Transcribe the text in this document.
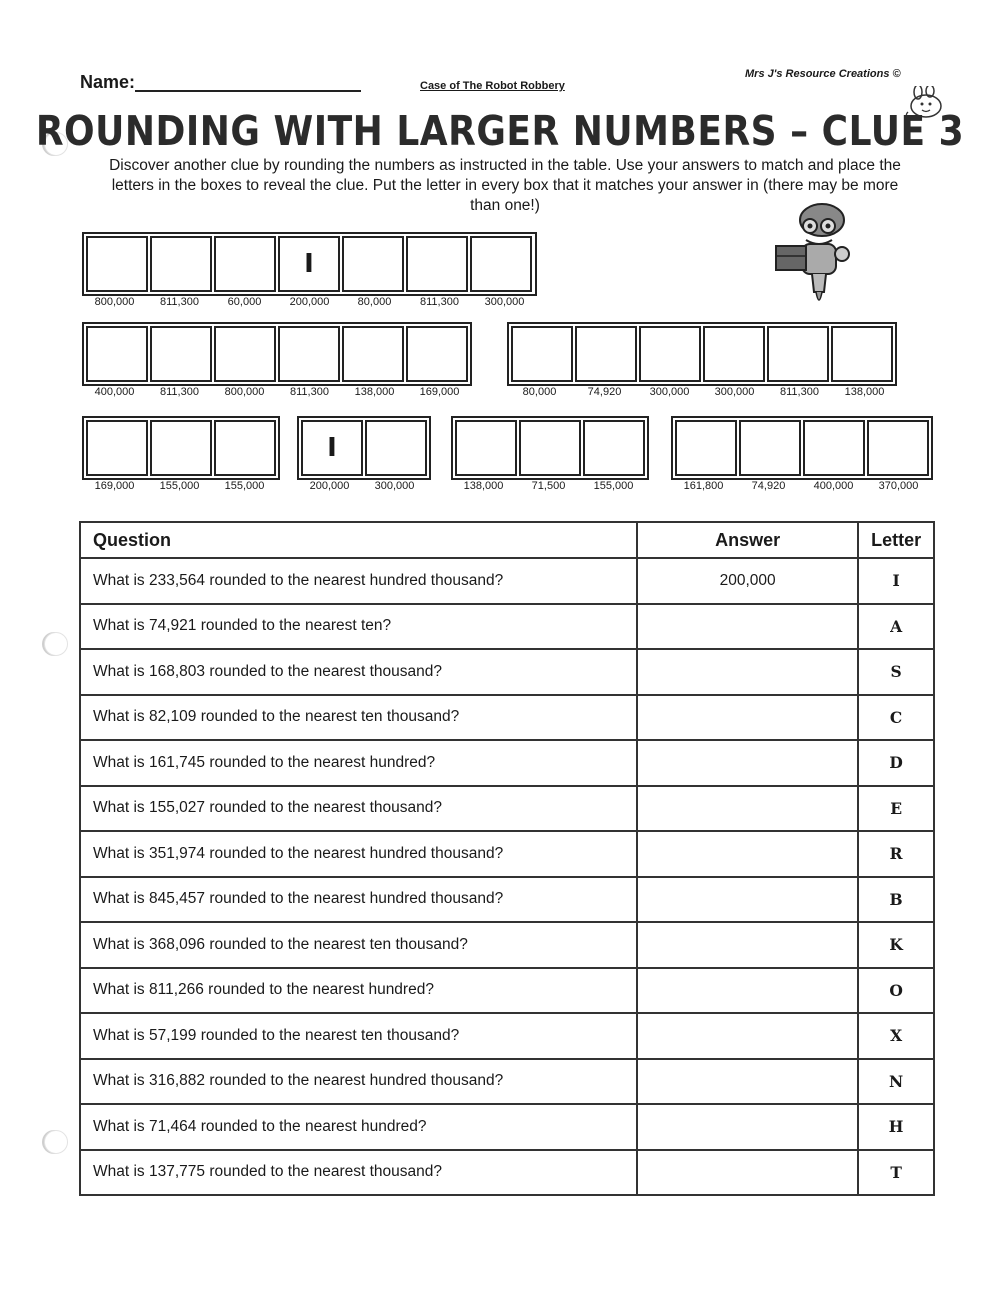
Name:	Case of The Robot Robbery
Mrs J's Resource Creations ©
ROUNDING WITH LARGER NUMBERS – CLUE 3
Discover another clue by rounding the numbers as instructed in the table. Use your answers to match and place the letters in the boxes to reveal the clue. Put the letter in every box that it matches your answer in (there may be more than one!)
I
800,000	811,300	60,000	200,000	80,000	811,300	300,000
400,000	811,300	800,000	811,300	138,000	169,000	80,000	74,920	300,000	300,000	811,300	138,000
169,000	155,000	155,000
I
200,000	300,000	138,000	71,500	155,000	161,800	74,920	400,000	370,000
Question	Answer	Letter
What is 233,564 rounded to the nearest hundred thousand?	200,000	I
What is 74,921 rounded to the nearest ten?		A
What is 168,803 rounded to the nearest thousand?		S
What is 82,109 rounded to the nearest ten thousand?		C
What is 161,745 rounded to the nearest hundred?		D
What is 155,027 rounded to the nearest thousand?		E
What is 351,974 rounded to the nearest hundred thousand?		R
What is 845,457 rounded to the nearest hundred thousand?		B
What is 368,096 rounded to the nearest ten thousand?		K
What is 811,266 rounded to the nearest hundred?		O
What is 57,199 rounded to the nearest ten thousand?		X
What is 316,882 rounded to the nearest hundred thousand?		N
What is 71,464 rounded to the nearest hundred?		H
What is 137,775 rounded to the nearest thousand?		T
